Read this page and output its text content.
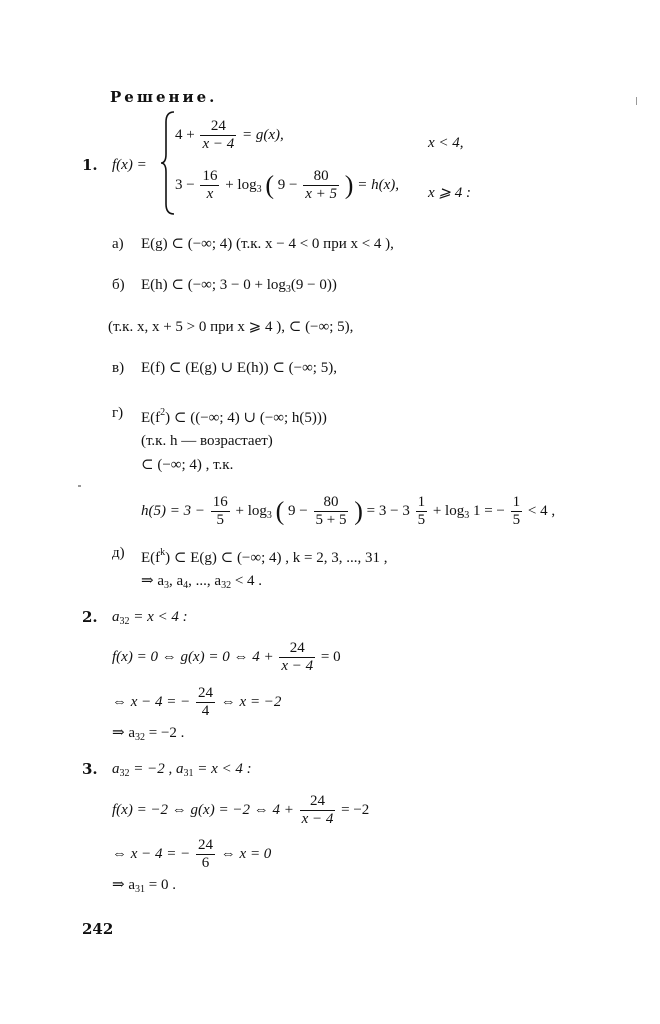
Решение.
1. f(x) =
$4 + \frac{24}{x - 4} = g(x)$,
x < 4,
$3 - \frac{16}{x} + \log_3$ ( $9 - \frac{80}{x + 5}$ ) = h(x),
x ⩾ 4 :
а) E(g) ⊂ (−∞; 4) (т.к. x − 4 < 0 при x < 4 ),
б) E(h) ⊂ (−∞; $3 - 0 + \log_3(9 - 0)$)
(т.к. x, x + 5 > 0 при x ⩾ 4 ), ⊂ (−∞; 5),
в) E(f) ⊂ (E(g) ∪ E(h)) ⊂ (−∞; 5),
г) $E(f^2)$ ⊂ ((−∞; 4) ∪ (−∞; h(5)))
(т.к. h — возрастает)
⊂ (−∞; 4) , т.к.
$h(5) = 3 - \frac{16}{5} + \log_3$ ( $9 - \frac{80}{5 + 5}$ ) = $3 - 3 \frac{1}{5} + \log_3 1$ = − $\frac{1}{5} < 4$ ,
д) $E(f^k)$ ⊂ E(g) ⊂ (−∞; 4) , k = 2, 3, ..., 31 ,
⇒ $a_3$, $a_4$, ..., $a_{32} < 4$ .
2. $a_{32} = x < 4$ :
f(x) = 0 ⇔ g(x) = 0 ⇔ $4 + \frac{24}{x - 4} = 0$
⇔ x − 4 = − $\frac{24}{4}$ ⇔ x = −2
⇒ $a_{32} = -2$ .
3. $a_{32} = -2$ , $a_{31} = x < 4$ :
f(x) = −2 ⇔ g(x) = −2 ⇔ $4 + \frac{24}{x - 4} = -2$
⇔ x − 4 = − $\frac{24}{6}$ ⇔ x = 0
⇒ $a_{31} = 0$ .
242
